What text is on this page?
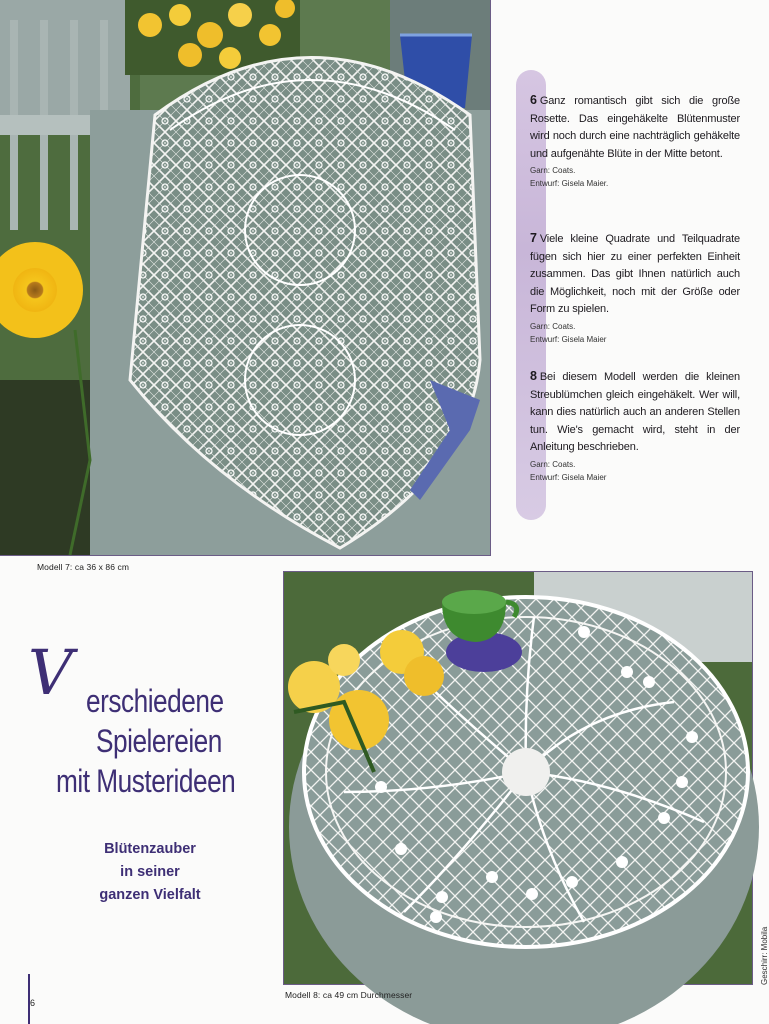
6 Ganz romantisch gibt sich die große Rosette. Das eingehäkelte Blütenmuster wird noch durch eine nachträglich gehäkelte und aufgenähte Blüte in der Mitte betont.

Garn: Coats.
Entwurf: Gisela Maier.

7 Viele kleine Quadrate und Teilquadrate fügen sich hier zu einer perfekten Einheit zusammen. Das gibt Ihnen natürlich auch die Möglichkeit, noch mit der Größe oder Form zu spielen.

Garn: Coats.
Entwurf: Gisela Maier

8 Bei diesem Modell werden die kleinen Streublümchen gleich eingehäkelt. Wer will, kann dies natürlich auch an anderen Stellen tun. Wie's gemacht wird, steht in der Anleitung beschrieben.

Garn: Coats.
Entwurf: Gisela Maier
Modell 7: ca 36 x 86 cm
Modell 8: ca 49 cm Durchmesser
Geschirr: Mobila
V erschiedene
Spielereien
mit Musterideen
Blütenzauber
in seiner
ganzen Vielfalt
6
